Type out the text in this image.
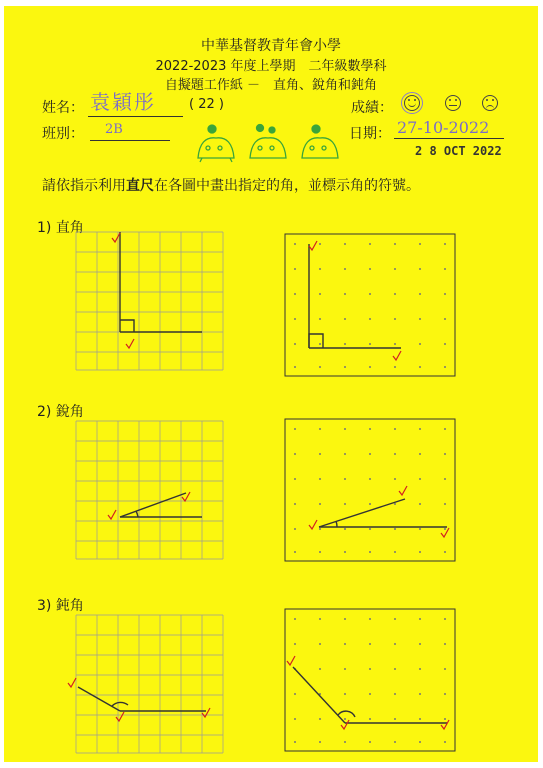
中華基督教青年會小學
2022-2023 年度上學期　二年級數學科
自擬題工作紙 －　直角、銳角和鈍角
姓名： 袁穎彤	( 22 )	成績：
班別： 2B	日期： 27-10-2022
2 8 OCT 2022
請依指示利用直尺在各圖中畫出指定的角，並標示角的符號。
1) 直角
2) 銳角
3) 鈍角
